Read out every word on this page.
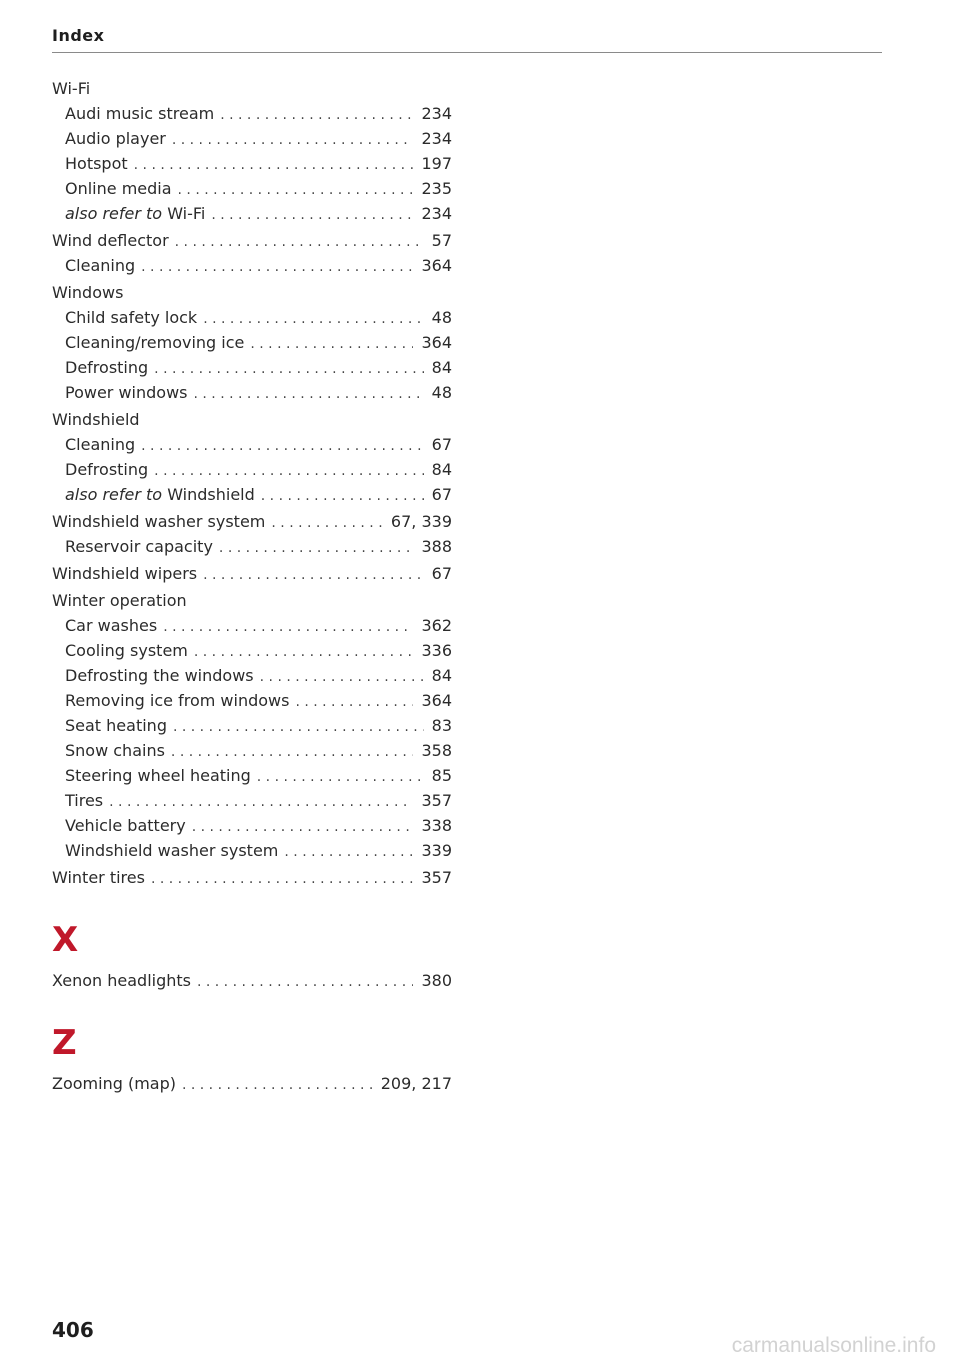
Index
Wi-Fi
Audi music stream . . .	234
Audio player . . .	234
Hotspot . . .	197
Online media . . .	235
also refer to Wi-Fi . . .	234
Wind deflector . . .	57
Cleaning . . .	364
Windows
Child safety lock . . .	48
Cleaning/removing ice . . .	364
Defrosting . . .	84
Power windows . . .	48
Windshield
Cleaning . . .	67
Defrosting . . .	84
also refer to Windshield . . .	67
Windshield washer system . . .	67, 339
Reservoir capacity . . .	388
Windshield wipers . . .	67
Winter operation
Car washes . . .	362
Cooling system . . .	336
Defrosting the windows . . .	84
Removing ice from windows . . .	364
Seat heating . . .	83
Snow chains . . .	358
Steering wheel heating . . .	85
Tires . . .	357
Vehicle battery . . .	338
Windshield washer system . . .	339
Winter tires . . .	357
X
Xenon headlights . . .	380
Z
Zooming (map) . . .	209, 217
406
carmanualsonline.info
